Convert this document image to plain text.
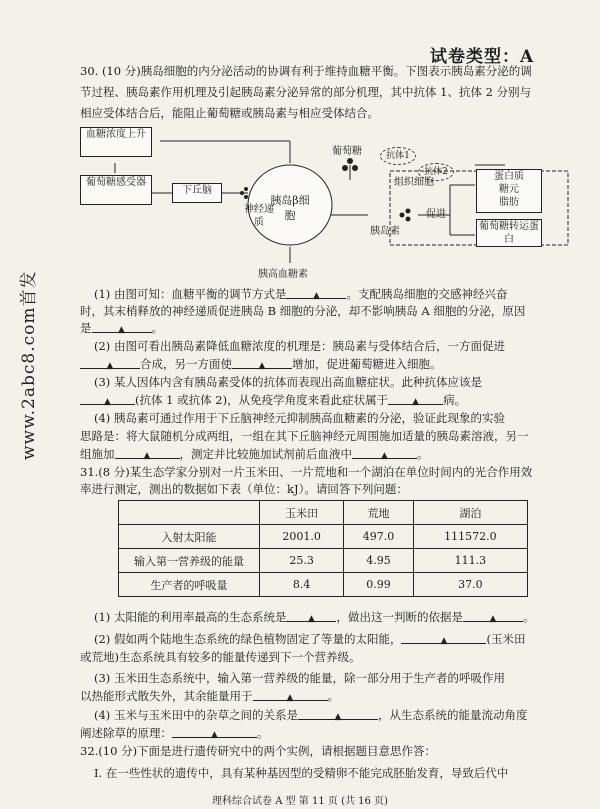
试卷类型：A
www.2abc8.com首发
30. (10 分)胰岛细胞的内分泌活动的协调有利于维持血糖平衡。下图表示胰岛素分泌的调
节过程、胰岛素作用机理及引起胰岛素分泌异常的部分机理，其中抗体 1、抗体 2 分别与
相应受体结合后，能阻止葡萄糖或胰岛素与相应受体结合。
血糖浓度上升
葡萄糖感受器
下丘脑
神经递质
胰岛β细胞
葡萄糖	抗体1
抗体2
胰岛素
胰高血糖素
组织细胞
促进
蛋白质
糖元
脂肪
葡萄糖转运蛋白
(1) 由图可知：血糖平衡的调节方式是	▲ 。支配胰岛细胞的交感神经兴奋
时，其末梢释放的神经递质促进胰岛 B 细胞的分泌，却不影响胰岛 A 细胞的分泌，原因
是	▲ 。
(2) 由图可看出胰岛素降低血糖浓度的机理是：胰岛素与受体结合后，一方面促进
▲ 合成，另一方面使	▲ 增加，促进葡萄糖进入细胞。
(3) 某人因体内含有胰岛素受体的抗体而表现出高血糖症状。此种抗体应该是
▲ (抗体 1 或抗体 2)，从免疫学角度来看此症状属于	▲ 病。
(4) 胰岛素可通过作用于下丘脑神经元抑制胰高血糖素的分泌，验证此现象的实验
思路是：将大鼠随机分成两组，一组在其下丘脑神经元周围施加适量的胰岛素溶液，另一
组施加	▲	，测定并比较施加试剂前后血液中	▲	。
31.(8 分)某生态学家分别对一片玉米田、一片荒地和一个湖泊在单位时间内的光合作用效
率进行测定，测出的数据如下表（单位：kJ）。请回答下列问题：
	玉米田	荒地	湖泊
入射太阳能	2001.0	497.0	111572.0
输入第一营养级的能量	25.3	4.95	111.3
生产者的呼吸量	8.4	0.99	37.0
(1) 太阳能的利用率最高的生态系统是 ▲ ，做出这一判断的依据是	▲ 。
(2) 假如两个陆地生态系统的绿色植物固定了等量的太阳能，	▲	(玉米田
或荒地)生态系统具有较多的能量传递到下一个营养级。
(3) 玉米田生态系统中，输入第一营养级的能量，除一部分用于生产者的呼吸作用
以热能形式散失外，其余能量用于	▲	。
(4) 玉米与玉米田中的杂草之间的关系是	▲	，从生态系统的能量流动角度
阐述除草的原理：	▲	。
32.(10 分)下面是进行遗传研究中的两个实例，请根据题目意思作答：
Ⅰ. 在一些性状的遗传中，具有某种基因型的受精卵不能完成胚胎发育，导致后代中
理科综合试卷 A 型 第 11 页 (共 16 页)
